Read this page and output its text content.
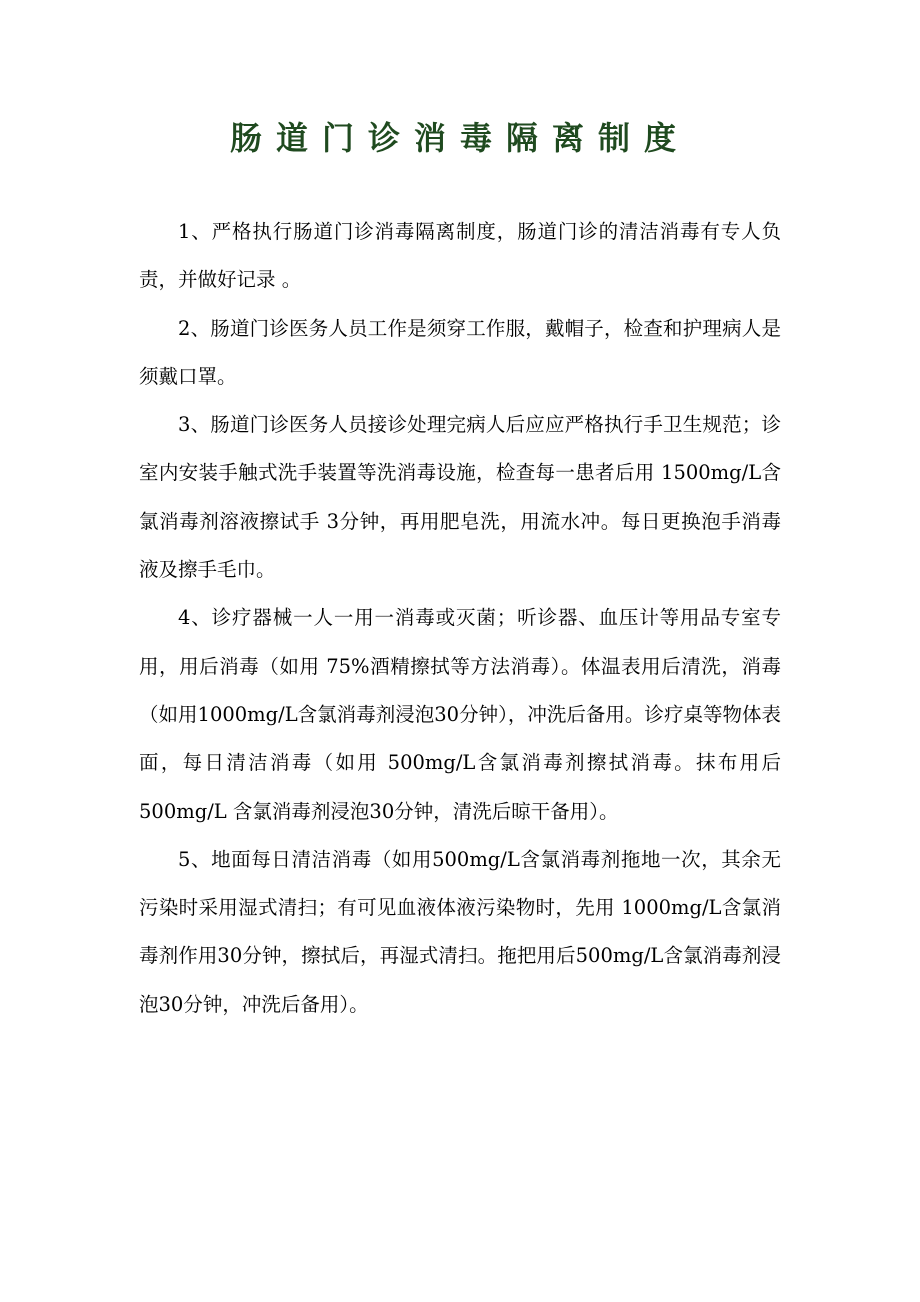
肠道门诊消毒隔离制度

1、严格执行肠道门诊消毒隔离制度，肠道门诊的清洁消毒有专人负责，并做好记录 。

2、肠道门诊医务人员工作是须穿工作服，戴帽子，检查和护理病人是须戴口罩。

3、肠道门诊医务人员接诊处理完病人后应应严格执行手卫生规范；诊室内安装手触式洗手装置等洗消毒设施，检查每一患者后用 1500mg/L含氯消毒剂溶液擦试手 3分钟，再用肥皂洗，用流水冲。每日更换泡手消毒液及擦手毛巾。

4、诊疗器械一人一用一消毒或灭菌；听诊器、血压计等用品专室专用，用后消毒（如用 75%酒精擦拭等方法消毒）。体温表用后清洗，消毒（如用1000mg/L含氯消毒剂浸泡30分钟），冲洗后备用。诊疗桌等物体表面，每日清洁消毒（如用 500mg/L含氯消毒剂擦拭消毒。抹布用后500mg/L 含氯消毒剂浸泡30分钟，清洗后晾干备用）。

5、地面每日清洁消毒（如用500mg/L含氯消毒剂拖地一次，其余无污染时采用湿式清扫；有可见血液体液污染物时，先用 1000mg/L含氯消毒剂作用30分钟，擦拭后，再湿式清扫。拖把用后500mg/L含氯消毒剂浸泡30分钟，冲洗后备用）。
